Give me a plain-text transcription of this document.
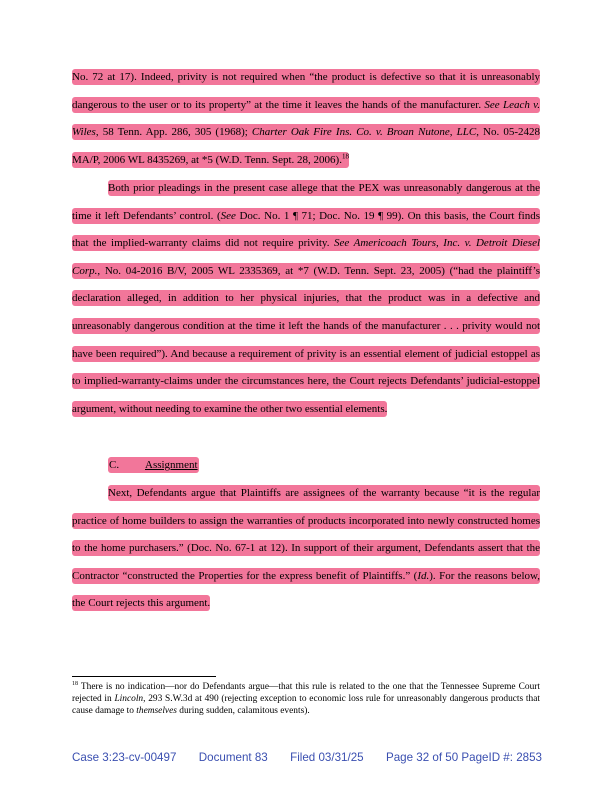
No. 72 at 17). Indeed, privity is not required when “the product is defective so that it is unreasonably dangerous to the user or to its property” at the time it leaves the hands of the manufacturer. See Leach v. Wiles, 58 Tenn. App. 286, 305 (1968); Charter Oak Fire Ins. Co. v. Broan Nutone, LLC, No. 05-2428 MA/P, 2006 WL 8435269, at *5 (W.D. Tenn. Sept. 28, 2006).$^{18}$

Both prior pleadings in the present case allege that the PEX was unreasonably dangerous at the time it left Defendants’ control. (See Doc. No. 1 ¶ 71; Doc. No. 19 ¶ 99). On this basis, the Court finds that the implied-warranty claims did not require privity. See Americoach Tours, Inc. v. Detroit Diesel Corp., No. 04-2016 B/V, 2005 WL 2335369, at *7 (W.D. Tenn. Sept. 23, 2005) (“had the plaintiff’s declaration alleged, in addition to her physical injuries, that the product was in a defective and unreasonably dangerous condition at the time it left the hands of the manufacturer . . . privity would not have been required”). And because a requirement of privity is an essential element of judicial estoppel as to implied-warranty-claims under the circumstances here, the Court rejects Defendants’ judicial-estoppel argument, without needing to examine the other two essential elements.

C. Assignment

Next, Defendants argue that Plaintiffs are assignees of the warranty because “it is the regular practice of home builders to assign the warranties of products incorporated into newly constructed homes to the home purchasers.” (Doc. No. 67-1 at 12). In support of their argument, Defendants assert that the Contractor “constructed the Properties for the express benefit of Plaintiffs.” (Id.). For the reasons below, the Court rejects this argument.

$^{18}$ There is no indication—nor do Defendants argue—that this rule is related to the one that the Tennessee Supreme Court rejected in Lincoln, 293 S.W.3d at 490 (rejecting exception to economic loss rule for unreasonably dangerous products that cause damage to themselves during sudden, calamitous events).

Case 3:23-cv-00497 Document 83 Filed 03/31/25 Page 32 of 50 PageID #: 2853
